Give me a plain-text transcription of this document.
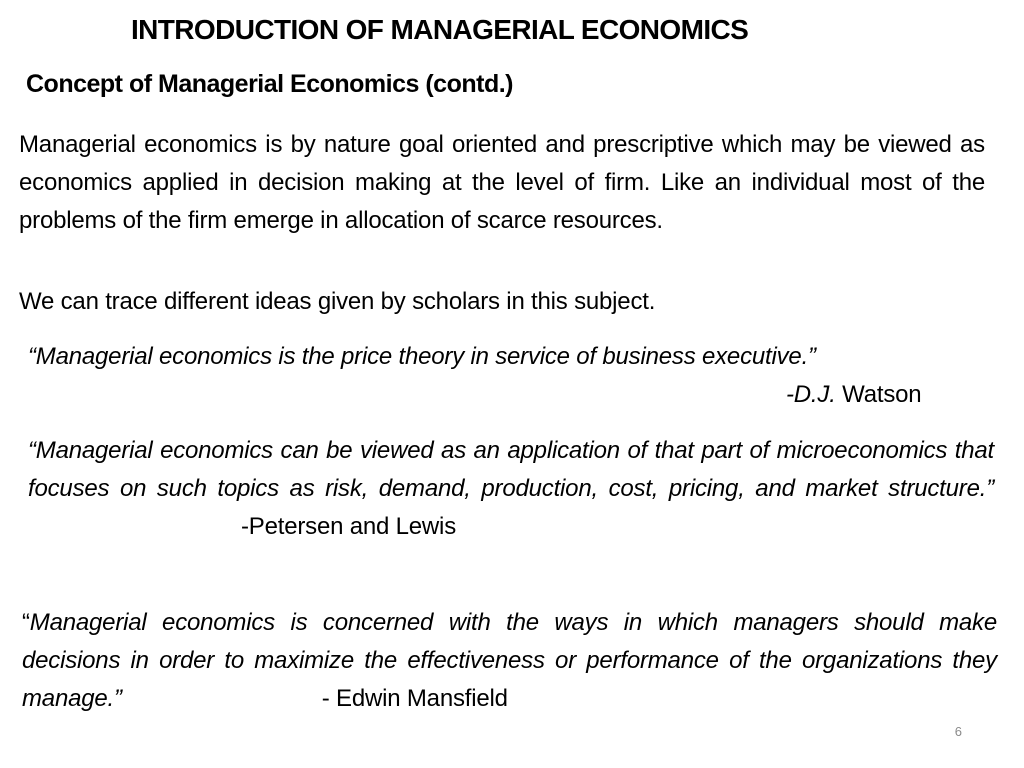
INTRODUCTION OF MANAGERIAL ECONOMICS
Concept of Managerial Economics (contd.)
Managerial economics is by nature goal oriented and prescriptive which may be viewed as economics applied in decision making at the level of firm. Like an individual most of the problems of the firm emerge in allocation of scarce resources.
We can trace different ideas given by scholars in this subject.
“Managerial economics is the price theory in service of business executive.”
-D.J. Watson
“Managerial economics can be viewed as an application of that part of microeconomics that focuses on such topics as risk, demand, production, cost, pricing, and market structure.”-Petersen and Lewis
“Managerial economics is concerned with the ways in which managers should make decisions in order to maximize the effectiveness or performance of the organizations they manage.”	- Edwin Mansfield
6
